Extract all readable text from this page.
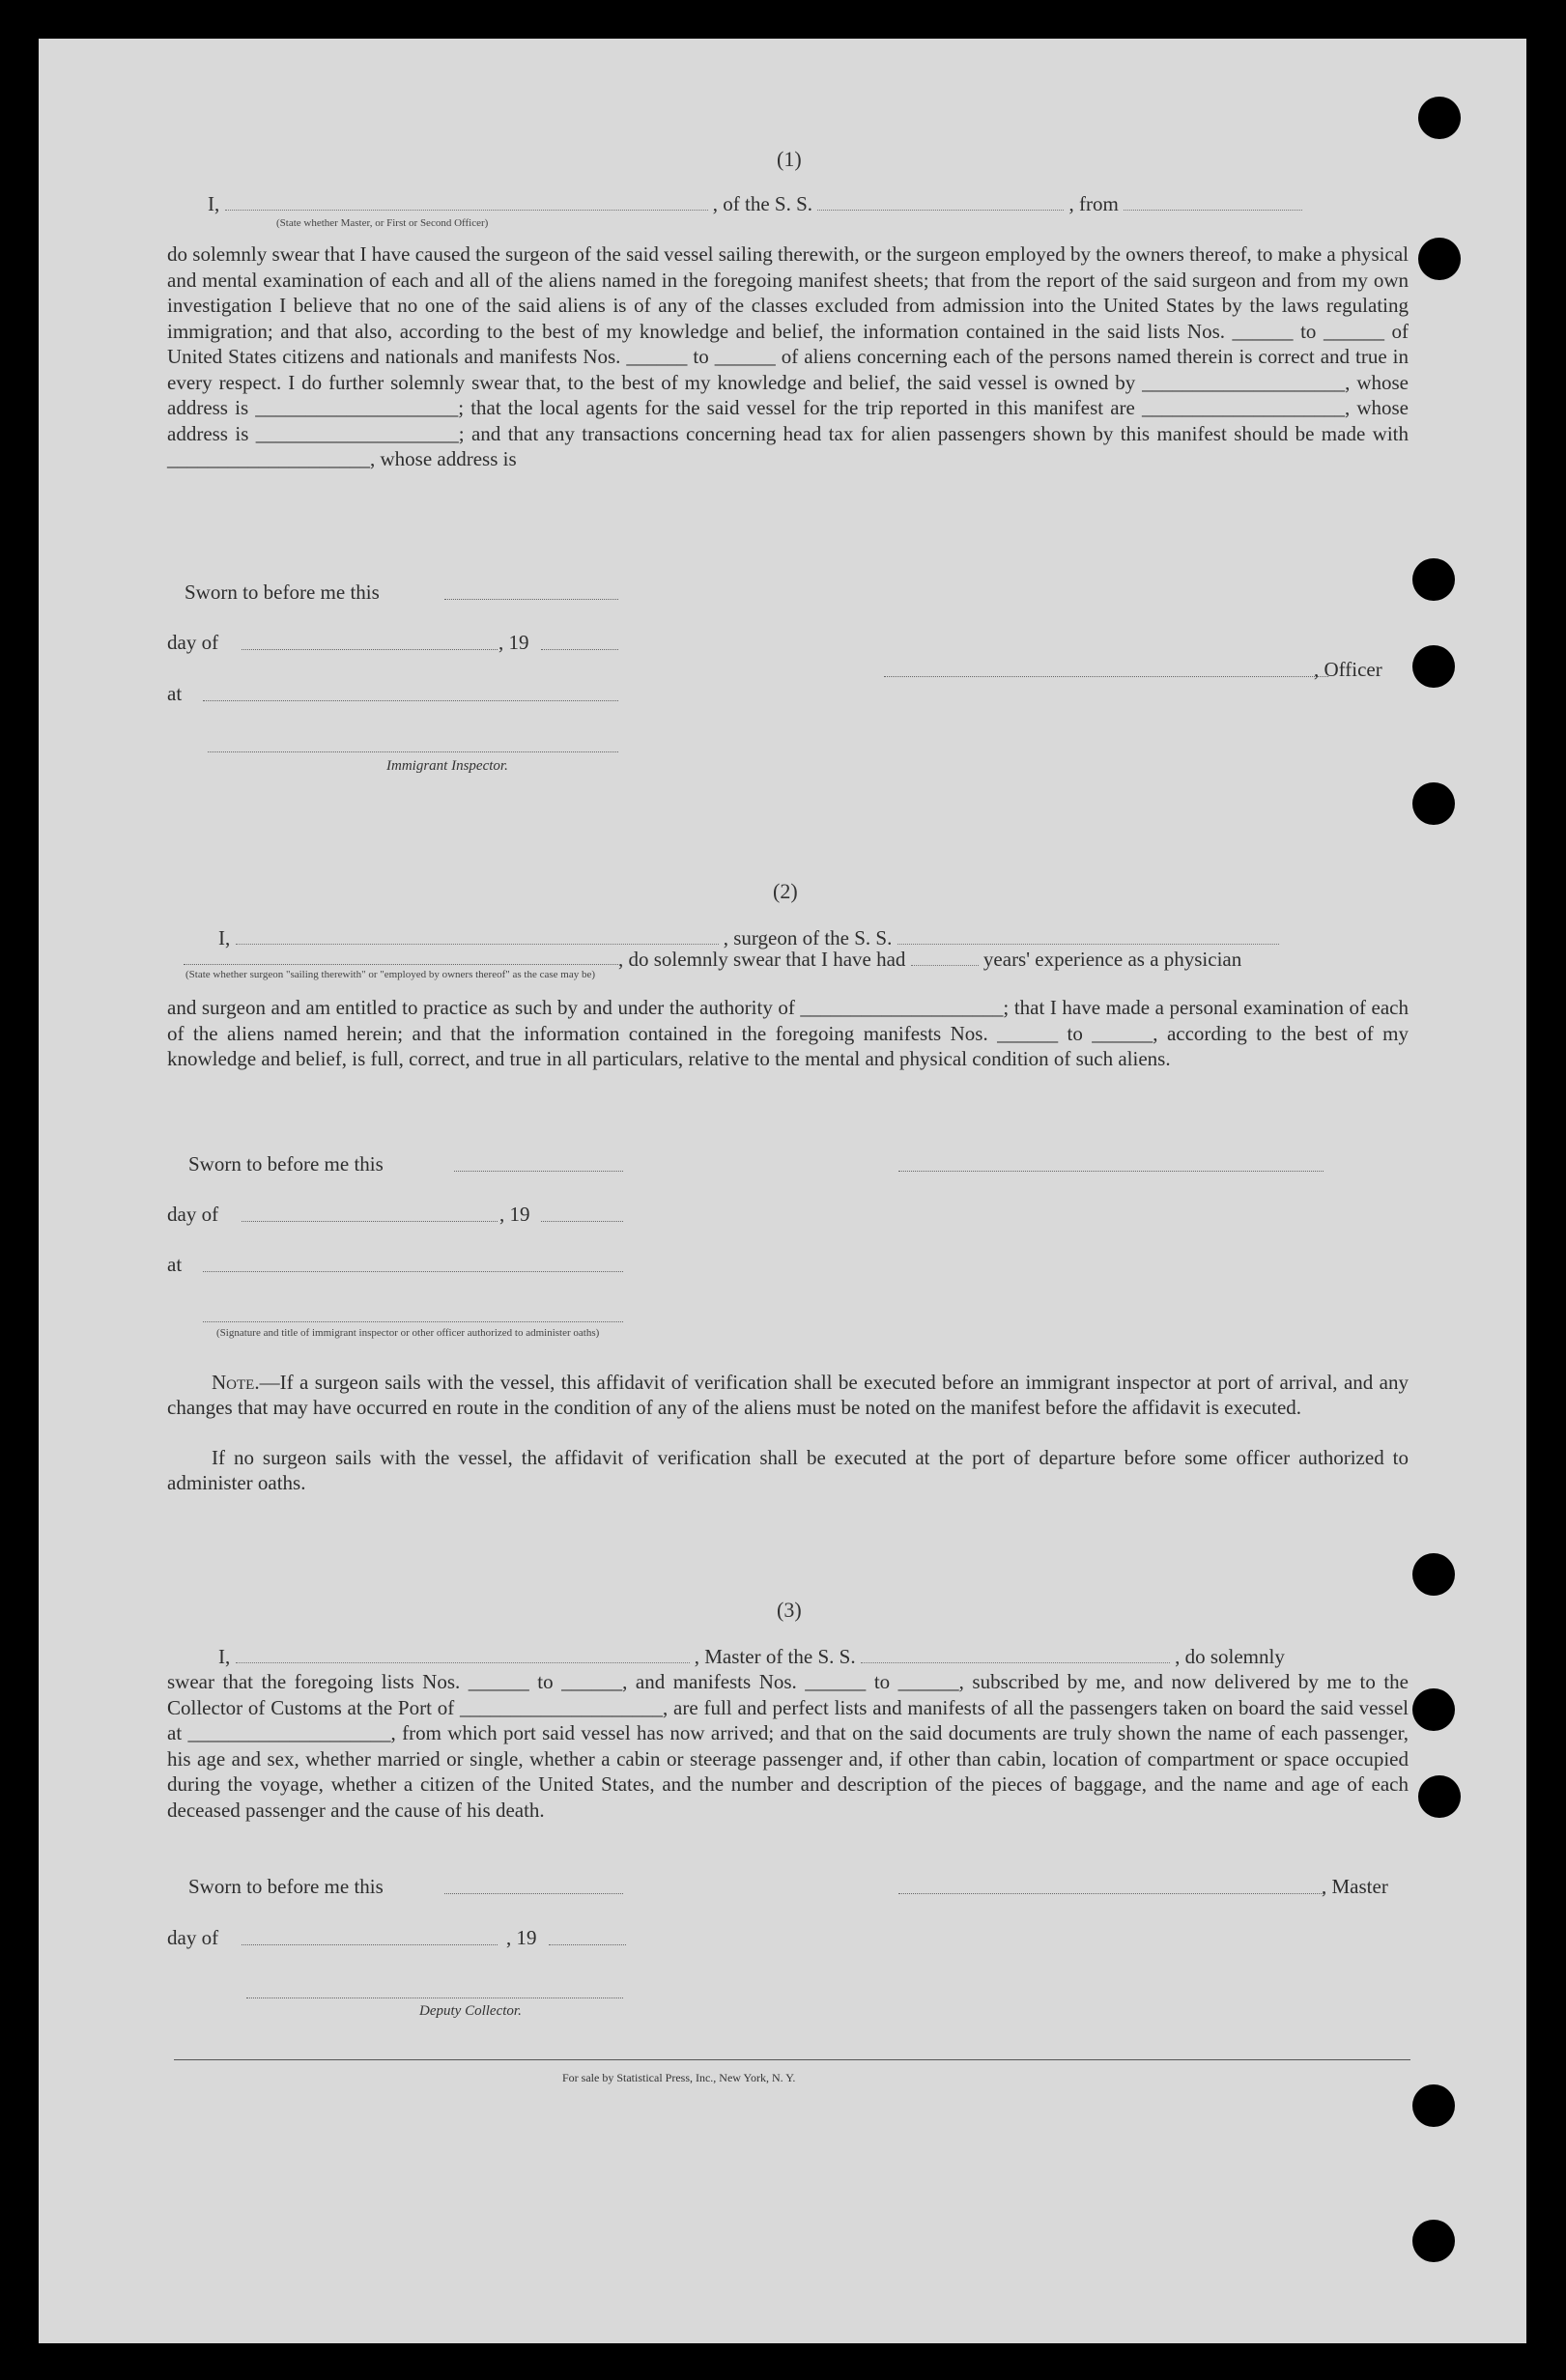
(1)
I,	, of the S. S.	, from
(State whether Master, or First or Second Officer)
do solemnly swear that I have caused the surgeon of the said vessel sailing therewith, or the surgeon employed by the owners thereof, to make a physical and mental examination of each and all of the aliens named in the foregoing manifest sheets; that from the report of the said surgeon and from my own investigation I believe that no one of the said aliens is of any of the classes excluded from admission into the United States by the laws regulating immigration; and that also, according to the best of my knowledge and belief, the information contained in the said lists Nos. ______ to ______ of United States citizens and nationals and manifests Nos. ______ to ______ of aliens concerning each of the persons named therein is correct and true in every respect. I do further solemnly swear that, to the best of my knowledge and belief, the said vessel is owned by ____________________, whose address is ____________________; that the local agents for the said vessel for the trip reported in this manifest are ____________________, whose address is ____________________; and that any transactions concerning head tax for alien passengers shown by this manifest should be made with ____________________, whose address is
Sworn to before me this
day of	, 19
, Officer
at
Immigrant Inspector.
(2)
I,	, surgeon of the S. S.
, do solemnly swear that I have had	years' experience as a physician
(State whether surgeon "sailing therewith" or "employed by owners thereof" as the case may be)
and surgeon and am entitled to practice as such by and under the authority of ____________________; that I have made a personal examination of each of the aliens named herein; and that the information contained in the foregoing manifests Nos. ______ to ______, according to the best of my knowledge and belief, is full, correct, and true in all particulars, relative to the mental and physical condition of such aliens.
Sworn to before me this
day of	, 19
at
(Signature and title of immigrant inspector or other officer authorized to administer oaths)
Note.—If a surgeon sails with the vessel, this affidavit of verification shall be executed before an immigrant inspector at port of arrival, and any changes that may have occurred en route in the condition of any of the aliens must be noted on the manifest before the affidavit is executed.
If no surgeon sails with the vessel, the affidavit of verification shall be executed at the port of departure before some officer authorized to administer oaths.
(3)
I,	, Master of the S. S.	, do solemnly
swear that the foregoing lists Nos. ______ to ______, and manifests Nos. ______ to ______, subscribed by me, and now delivered by me to the Collector of Customs at the Port of ____________________, are full and perfect lists and manifests of all the passengers taken on board the said vessel at ____________________, from which port said vessel has now arrived; and that on the said documents are truly shown the name of each passenger, his age and sex, whether married or single, whether a cabin or steerage passenger and, if other than cabin, location of compartment or space occupied during the voyage, whether a citizen of the United States, and the number and description of the pieces of baggage, and the name and age of each deceased passenger and the cause of his death.
Sworn to before me this	, Master
day of	, 19
Deputy Collector.
For sale by Statistical Press, Inc., New York, N. Y.
